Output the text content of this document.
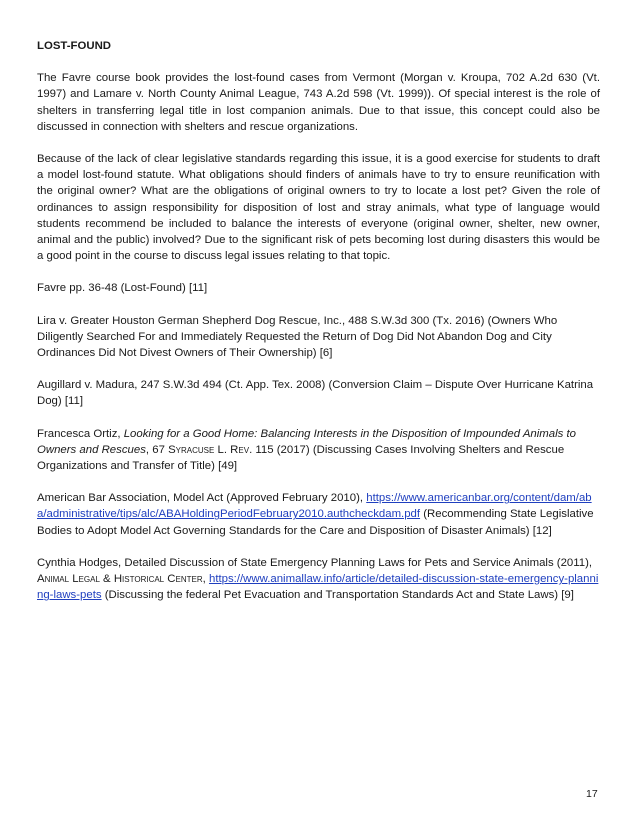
LOST-FOUND

The Favre course book provides the lost-found cases from Vermont (Morgan v. Kroupa, 702 A.2d 630 (Vt. 1997) and Lamare v. North County Animal League, 743 A.2d 598 (Vt. 1999)). Of special interest is the role of shelters in transferring legal title in lost companion animals. Due to that issue, this concept could also be discussed in connection with shelters and rescue organizations.

Because of the lack of clear legislative standards regarding this issue, it is a good exercise for students to draft a model lost-found statute. What obligations should finders of animals have to try to ensure reunification with the original owner? What are the obligations of original owners to try to locate a lost pet? Given the role of ordinances to assign responsibility for disposition of lost and stray animals, what type of language would students recommend be included to balance the interests of everyone (original owner, shelter, new owner, animal and the public) involved? Due to the significant risk of pets becoming lost during disasters this would be a good point in the course to discuss legal issues relating to that topic.

Favre pp. 36-48 (Lost-Found) [11]

Lira v. Greater Houston German Shepherd Dog Rescue, Inc., 488 S.W.3d 300 (Tx. 2016) (Owners Who Diligently Searched For and Immediately Requested the Return of Dog Did Not Abandon Dog and City Ordinances Did Not Divest Owners of Their Ownership) [6]

Augillard v. Madura, 247 S.W.3d 494 (Ct. App. Tex. 2008) (Conversion Claim – Dispute Over Hurricane Katrina Dog) [11]

Francesca Ortiz, Looking for a Good Home: Balancing Interests in the Disposition of Impounded Animals to Owners and Rescues, 67 Syracuse L. Rev. 115 (2017) (Discussing Cases Involving Shelters and Rescue Organizations and Transfer of Title) [49]

American Bar Association, Model Act (Approved February 2010), https://www.americanbar.org/content/dam/aba/administrative/tips/alc/ABAHoldingPeriodFebruary2010.authcheckdam.pdf (Recommending State Legislative Bodies to Adopt Model Act Governing Standards for the Care and Disposition of Disaster Animals) [12]

Cynthia Hodges, Detailed Discussion of State Emergency Planning Laws for Pets and Service Animals (2011), Animal Legal & Historical Center, https://www.animallaw.info/article/detailed-discussion-state-emergency-planning-laws-pets (Discussing the federal Pet Evacuation and Transportation Standards Act and State Laws) [9]

17
